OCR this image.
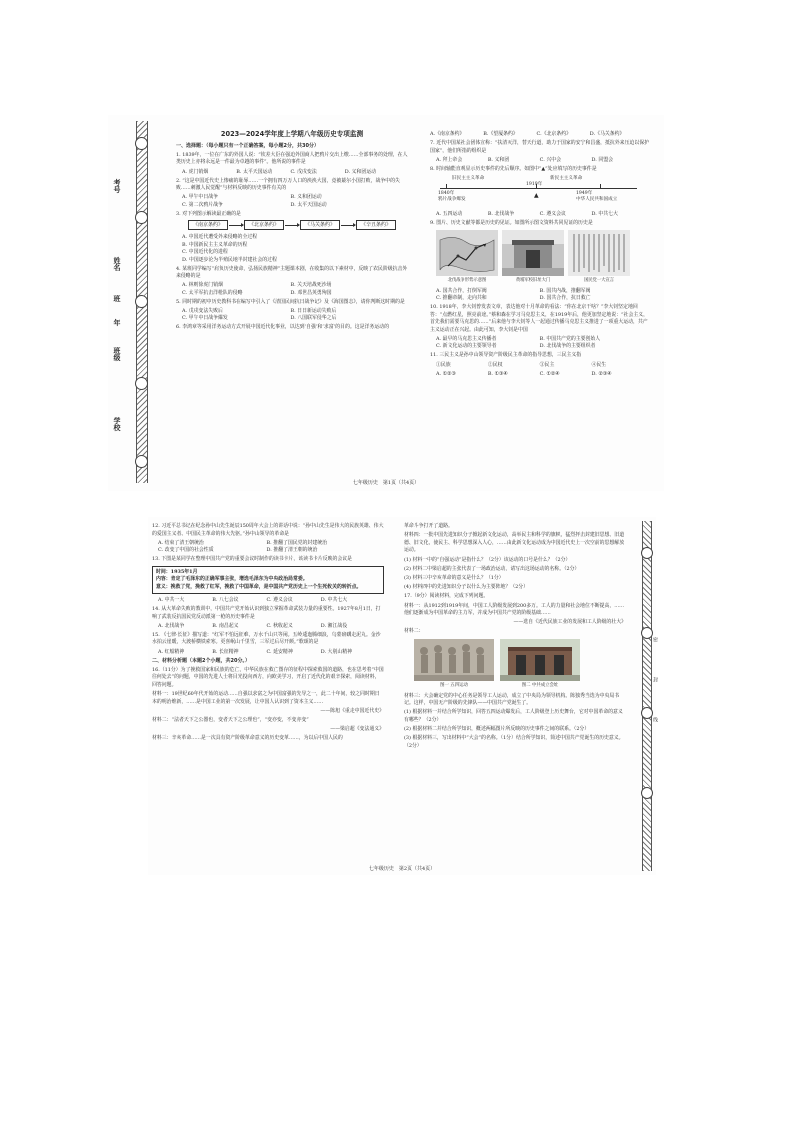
考号
姓名
班
年
班级
学校
2023—2024学年度上学期八年级历史专项监测

一、选择题：（每小题只有一个正确答案，每小题2分，共30分）

1. 1839年，一位在广东的外国人说：“钦差大臣在强迫外国商人把鸦片交出上缴……全部事务的处理，在人类历史上亦将永远是一件最为卓越的事件”。他所说的事件是

A. 虎门销烟	B. 太平天国运动	C. 戊戌变法	D. 义和团运动

2. “这是中国近代史上惨痛的耻辱……一个拥有四万万人口的泱泱大国，竟被蕞尔小国打败，战争中的失败……刺激人民觉醒”与材料反映的历史事件有关的

A. 甲午中日战争	B. 义和团运动
C. 第二次鸦片战争	D. 太平天国运动

3. 对下列图示解读最正确的是

《南京条约》	《北京条约》	《马关条约》	《辛丑条约》
A. 中国近代遭受外来侵略的全过程
B. 中国新民主主义革命的历程
C. 中国近代化的进程
D. 中国逐步沦为半殖民地半封建社会的过程

4. 某班同学编写“肩负历史使命，弘扬民族精神”主题课本剧，在收集的以下素材中，反映了农民阶级抗击外来侵略的是

A. 林则徐虎门销烟	B. 关天培战死沙场
C. 太平军抗击洋枪队的侵略	D. 邓世昌英勇殉国

5. 同时期的初中历史教科书在编写中引入了《清国民间抗日战争记》及《海国图志》，请你判断这时期的是

A. 戊戌变法失败后	B. 日日新运动失败后
C. 甲午中日战争爆发	D. 八国联军侵华之后

6. 李鸿章等采用洋务运动方式开展中国近代化事业，以达到‘自强’和‘求富’的目的。这是洋务运动的

A.《南京条约》	B.《望厦条约》	C.《北京条约》	D.《马关条约》

7. 近代中国某社会团体宣称：“扶清灭洋，替天行道，助力于国家的安宁和昌盛，抵抗外来压迫以保护国家”，他们所指的组织是

A. 拜上帝会	B. 义和团	C. 兴中会	D. 同盟会

8. 时间轴能直观显示历史事件的先后顺序。如图中“▲”处应填写的历史事件是

旧民主主义革命	新民主主义革命
1840年
鸦片战争爆发
1919年
▲	1949年
中华人民共和国成立
A. 五四运动	B. 北伐战争	C. 遵义会议	D. 中共七大

9. 图片、历史文献等都是历史的见证。如图所示图文资料共同见证的历史是

北伐战争形势示意图	黄埔军校旧址大门	国民党一大宣言
A. 国共合作，打倒军阀	B. 国共内战，推翻军阀
C. 推翻帝制，走向共和	D. 国共合作，抗日救亡

10. 1918年，李大钊曾发表文章，表达他对十月革命的看法：“你在北京干啥？”李大钊坚定地回答：“点燃红星，照亮前途。”蔡和森在学习马克思主义，在1919年后，他更加坚定地说：“社会主义，首先我们需要马克思的……”后来他与李大钊等人一起通过传播马克思主义推进了一项重大运动，共产主义运动正在兴起。由此可知，李大钊是中国

A. 最早的马克思主义传播者	B. 中国共产党的主要创始人
C. 新文化运动的主要领导者	D. 北伐战争的主要组织者

11. 三民主义是孙中山领导资产阶级民主革命的指导思想，三民主义指

①民族	②民权	③民主	④民生
A. ①②③	B. ①③④	C. ①②④	D. ②③④
七年级历史　第1页（共4页）

12. 习近平总书记在纪念孙中山先生诞辰150周年大会上的讲话中说：“孙中山先生是伟大的民族英雄、伟大的爱国主义者、中国民主革命的伟大先驱。”孙中山领导的革命是

A. 结束了清王朝统治	B. 推翻了国民党的封建统治
C. 改变了中国的社会性质	D. 推翻了清王朝的统治

13. 下图是某同学在整理中国共产党的重要会议时制作的读书卡片，该读书卡片反映的会议是

时间：1935年1月

内容：肯定了毛泽东的正确军事主张，增选毛泽东为中央政治局常委。

意义：挽救了党，挽救了红军，挽救了中国革命，是中国共产党历史上一个生死攸关的转折点。

A. 中共一大	B. 八七会议	C. 遵义会议	D. 中共七大

14. 从大革命失败的教训中，中国共产党开始认识到独立掌握革命武装力量的重要性。1927年8月1日，打响了武装反抗国民党反动派第一枪的历史事件是

A. 北伐战争	B. 南昌起义	C. 秋收起义	D. 湘江战役

15. 《七律·长征》描写道：“红军不怕远征难，万水千山只等闲。五岭逶迤腾细浪，乌蒙磅礴走泥丸。金沙水拍云崖暖，大渡桥横铁索寒。更喜岷山千里雪，三军过后尽开颜。”歌颂的是

A. 红船精神	B. 长征精神	C. 延安精神	D. 大别山精神

二、材料分析题（本题2个小题，共20分。）

16.（11分）为了挽救国家和民族的危亡，中华民族在救亡图存的征程中探索救国的道路，也在思考着“中国往何处去”的问题，中国的先进人士将目光投向西方，向欧美学习，开启了近代化的艰辛探索，阅读材料，回答问题。

材料一：19世纪60年代开始的运动……自强以求富之为中国富强的先导之一，此二十年间，较之同时期日本的明治维新，……是中国工业的第一次发展，让中国人认识到了资本主义……

——陈旭《重走中国近代史》

材料二：“法者天下之公器也，变者天下之公理也”，“变亦变，不变亦变”

——梁启超《变法通义》

材料三：辛亥革命……是一次具有资产阶级革命意义的历史变革……，为以后中国人民的

革命斗争打开了道路。

材料四：一批中国先进知识分子掀起新文化运动，高举民主和科学的旗帜，猛烈抨击封建旧思想、旧道德、旧文化，使民主、科学思想深入人心，……由此新文化运动成为中国近代史上一次空前的思想解放运动。

(1) 材料一中的“自强运动”是指什么？（2分）该运动的口号是什么？（2分）

(2) 材料二中梁启超的主张代表了一场政治运动，请写出这场运动的名称。（2分）

(3) 材料三中辛亥革命的意义是什么？（1分）

(4) 材料四中的先进知识分子以什么为主要阵地？（2分）

17.（9分）阅读材料，完成下列问题。

材料一：从1912到1919年间，中国工人阶级发展到200多万。工人的力量和社会地位不断提高，……他们逐渐成为中国革命的主力军，并成为中国共产党的阶级基础……

——选自《近代民族工业的发展和工人阶级的壮大》

材料二：

图一 五四运动	图二 中共成立会址

材料三：大会确定党的中心任务是领导工人运动，成立了中央局为领导机构。陈独秀当选为中央局书记。这样，中国无产阶级的先锋队——中国共产党诞生了。

(1) 根据材料一并结合所学知识，回答五四运动爆发后，工人阶级登上历史舞台，它对中国革命的意义有哪些？（2分）

(2) 根据材料二并结合所学知识，概述两幅图片所反映的历史事件之间的联系。（2分）

(3) 根据材料三，写出材料中“大会”的名称。（1分）结合所学知识，简述中国共产党诞生的历史意义。（2分）

密
封
线
七年级历史　第2页（共4页）
